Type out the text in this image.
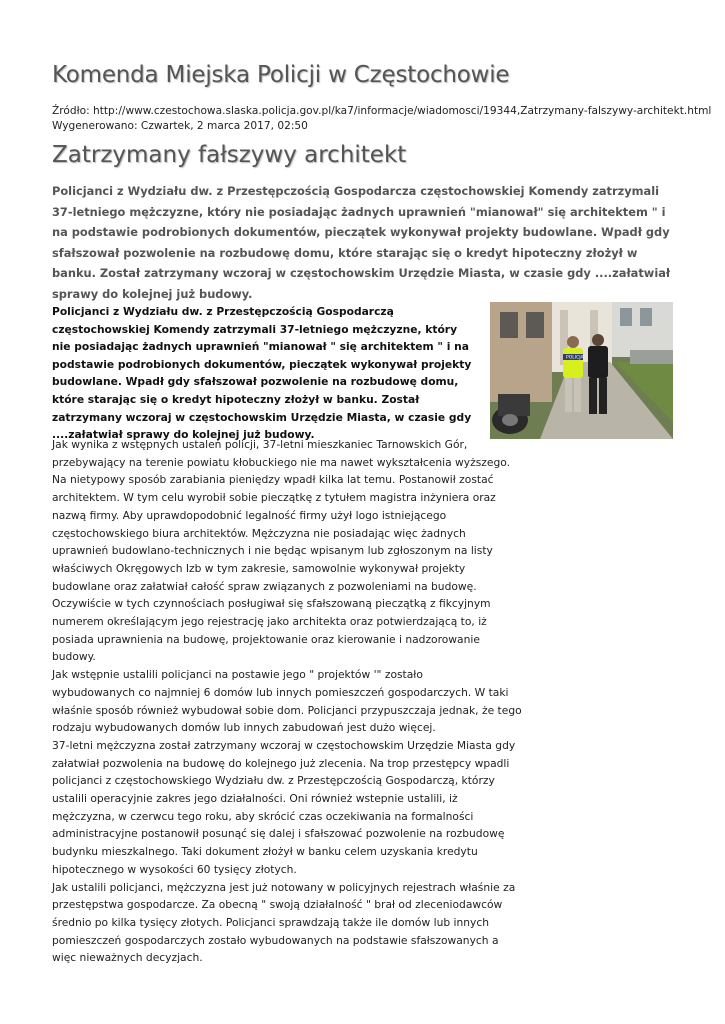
Komenda Miejska Policji w Częstochowie
Źródło: http://www.czestochowa.slaska.policja.gov.pl/ka7/informacje/wiadomosci/19344,Zatrzymany-falszywy-architekt.html
Wygenerowano: Czwartek, 2 marca 2017, 02:50
Zatrzymany fałszywy architekt

Policjanci z Wydziału dw. z Przestępczością Gospodarcza częstochowskiej Komendy zatrzymali 37-letniego mężczyzne, który nie posiadając żadnych uprawnień "mianował" się architektem " i na podstawie podrobionych dokumentów, pieczątek wykonywał projekty budowlane. Wpadł gdy sfałszował pozwolenie na rozbudowę domu, które starając się o kredyt hipoteczny złożył w banku. Został zatrzymany wczoraj w częstochowskim Urzędzie Miasta, w czasie gdy ....załatwiał sprawy do kolejnej już budowy.

Policjanci z Wydziału dw. z Przestępczością Gospodarczą częstochowskiej Komendy zatrzymali 37-letniego mężczyzne, który nie posiadając żadnych uprawnień "mianował " się architektem " i na podstawie podrobionych dokumentów, pieczątek wykonywał projekty budowlane. Wpadł gdy sfałszował pozwolenie na rozbudowę domu, które starając się o kredyt hipoteczny złożył w banku. Został zatrzymany wczoraj w częstochowskim Urzędzie Miasta, w czasie gdy ....załatwiał sprawy do kolejnej już budowy.

POLICJA
Jak wynika z wstępnych ustaleń policji, 37-letni mieszkaniec Tarnowskich Gór,
przebywający na terenie powiatu kłobuckiego nie ma nawet wykształcenia wyższego.
Na nietypowy sposób zarabiania pieniędzy wpadł kilka lat temu. Postanowił zostać
architektem. W tym celu wyrobił sobie pieczątkę z tytułem magistra inżyniera oraz
nazwą firmy. Aby uprawdopodobnić legalność firmy użył logo istniejącego
częstochowskiego biura architektów. Mężczyzna nie posiadając więc żadnych
uprawnień budowlano-technicznych i nie będąc wpisanym lub zgłoszonym na listy
właściwych Okręgowych Izb w tym zakresie, samowolnie wykonywał projekty
budowlane oraz załatwiał całość spraw związanych z pozwoleniami na budowę.
Oczywiście w tych czynnościach posługiwał się sfałszowaną pieczątką z fikcyjnym
numerem określającym jego rejestrację jako architekta oraz potwierdzającą to, iż
posiada uprawnienia na budowę, projektowanie oraz kierowanie i nadzorowanie
budowy.
Jak wstępnie ustalili policjanci na postawie jego " projektów '" zostało
wybudowanych co najmniej 6 domów lub innych pomieszczeń gospodarczych. W taki
właśnie sposób również wybudował sobie dom. Policjanci przypuszczaja jednak, że tego
rodzaju wybudowanych domów lub innych zabudowań jest dużo więcej.
37-letni mężczyzna został zatrzymany wczoraj w częstochowskim Urzędzie Miasta gdy
załatwiał pozwolenia na budowę do kolejnego już zlecenia. Na trop przestępcy wpadli
policjanci z częstochowskiego Wydziału dw. z Przestępczością Gospodarczą, którzy
ustalili operacyjnie zakres jego działalności. Oni również wstepnie ustalili, iż
mężczyzna, w czerwcu tego roku, aby skrócić czas oczekiwania na formalności
administracyjne postanowił posunąć się dalej i sfałszować pozwolenie na rozbudowę
budynku mieszkalnego. Taki dokument złożył w banku celem uzyskania kredytu
hipotecznego w wysokości 60 tysięcy złotych.
Jak ustalili policjanci, mężczyzna jest już notowany w policyjnych rejestrach właśnie za
przestępstwa gospodarcze. Za obecną " swoją działalność " brał od zleceniodawców
średnio po kilka tysięcy złotych. Policjanci sprawdzają także ile domów lub innych
pomieszczeń gospodarczych zostało wybudowanych na podstawie sfałszowanych a
więc nieważnych decyzjach.
